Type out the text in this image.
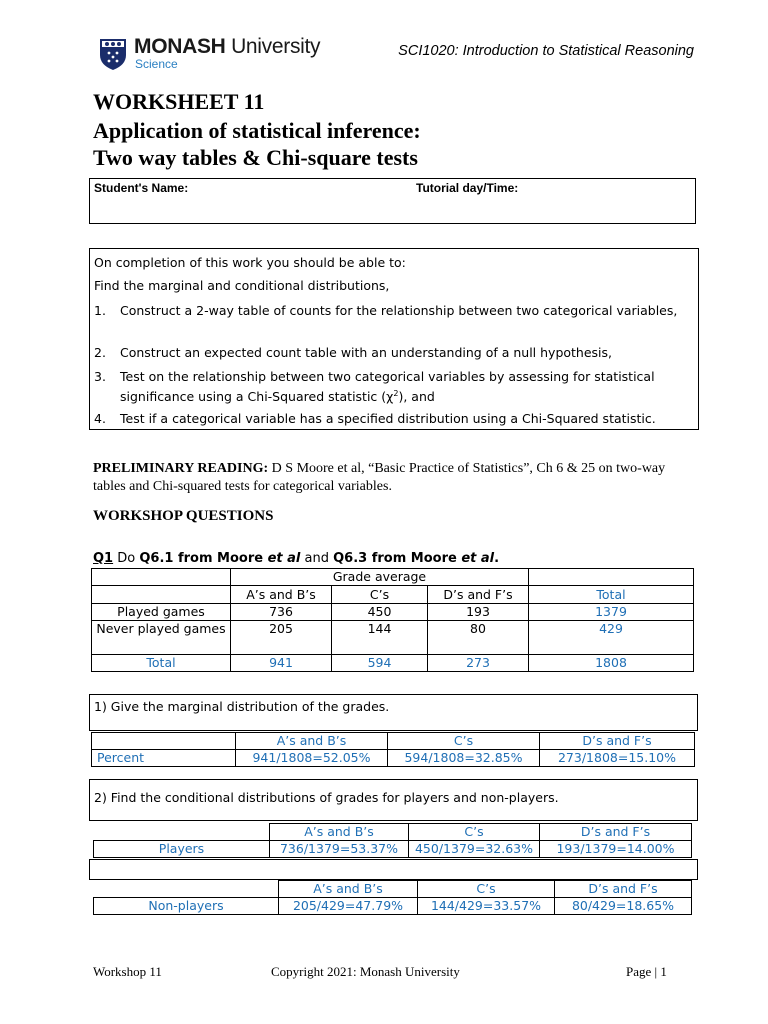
MONASH University
Science
SCI1020: Introduction to Statistical Reasoning
WORKSHEET 11
Application of statistical inference:
Two way tables & Chi-square tests
Student's Name:	Tutorial day/Time:
On completion of this work you should be able to:
Find the marginal and conditional distributions,
1. Construct a 2-way table of counts for the relationship between two categorical variables,
2. Construct an expected count table with an understanding of a null hypothesis,
3. Test on the relationship between two categorical variables by assessing for statistical significance using a Chi-Squared statistic $(\chi^2)$, and
4. Test if a categorical variable has a specified distribution using a Chi-Squared statistic.
PRELIMINARY READING: D S Moore et al, “Basic Practice of Statistics”, Ch 6 & 25 on two-way tables and Chi-squared tests for categorical variables.
WORKSHOP QUESTIONS
Q1 Do Q6.1 from Moore et al and Q6.3 from Moore et al.
	Grade average			
	A’s and B’s	C’s	D’s and F’s	Total
Played games	736	450	193	1379
Never played games	205	144	80	429
Total	941	594	273	1808
1) Give the marginal distribution of the grades.
	A’s and B’s	C’s	D’s and F’s
Percent	941/1808=52.05%	594/1808=32.85%	273/1808=15.10%
2) Find the conditional distributions of grades for players and non-players.
	A’s and B’s	C’s	D’s and F’s
Players	736/1379=53.37%	450/1379=32.63%	193/1379=14.00%
	A’s and B’s	C’s	D’s and F’s
Non-players	205/429=47.79%	144/429=33.57%	80/429=18.65%
Workshop 11	Copyright 2021: Monash University	Page | 1
